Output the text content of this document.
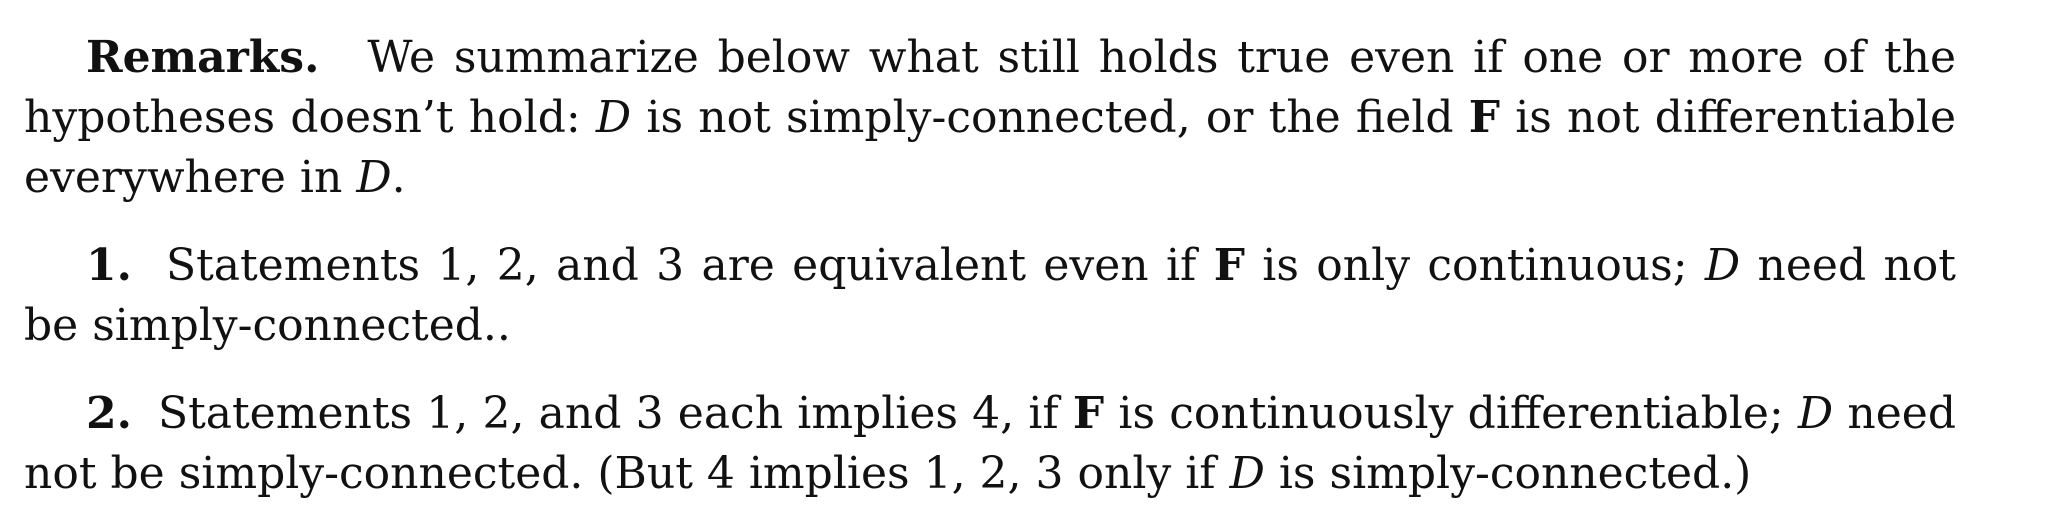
Remarks. We summarize below what still holds true even if one or more of the hypotheses doesn’t hold: D is not simply-connected, or the field F is not differentiable everywhere in D.

1. Statements 1, 2, and 3 are equivalent even if F is only continuous; D need not be simply-connected..

2. Statements 1, 2, and 3 each implies 4, if F is continuously differentiable; D need not be simply-connected. (But 4 implies 1, 2, 3 only if D is simply-connected.)
